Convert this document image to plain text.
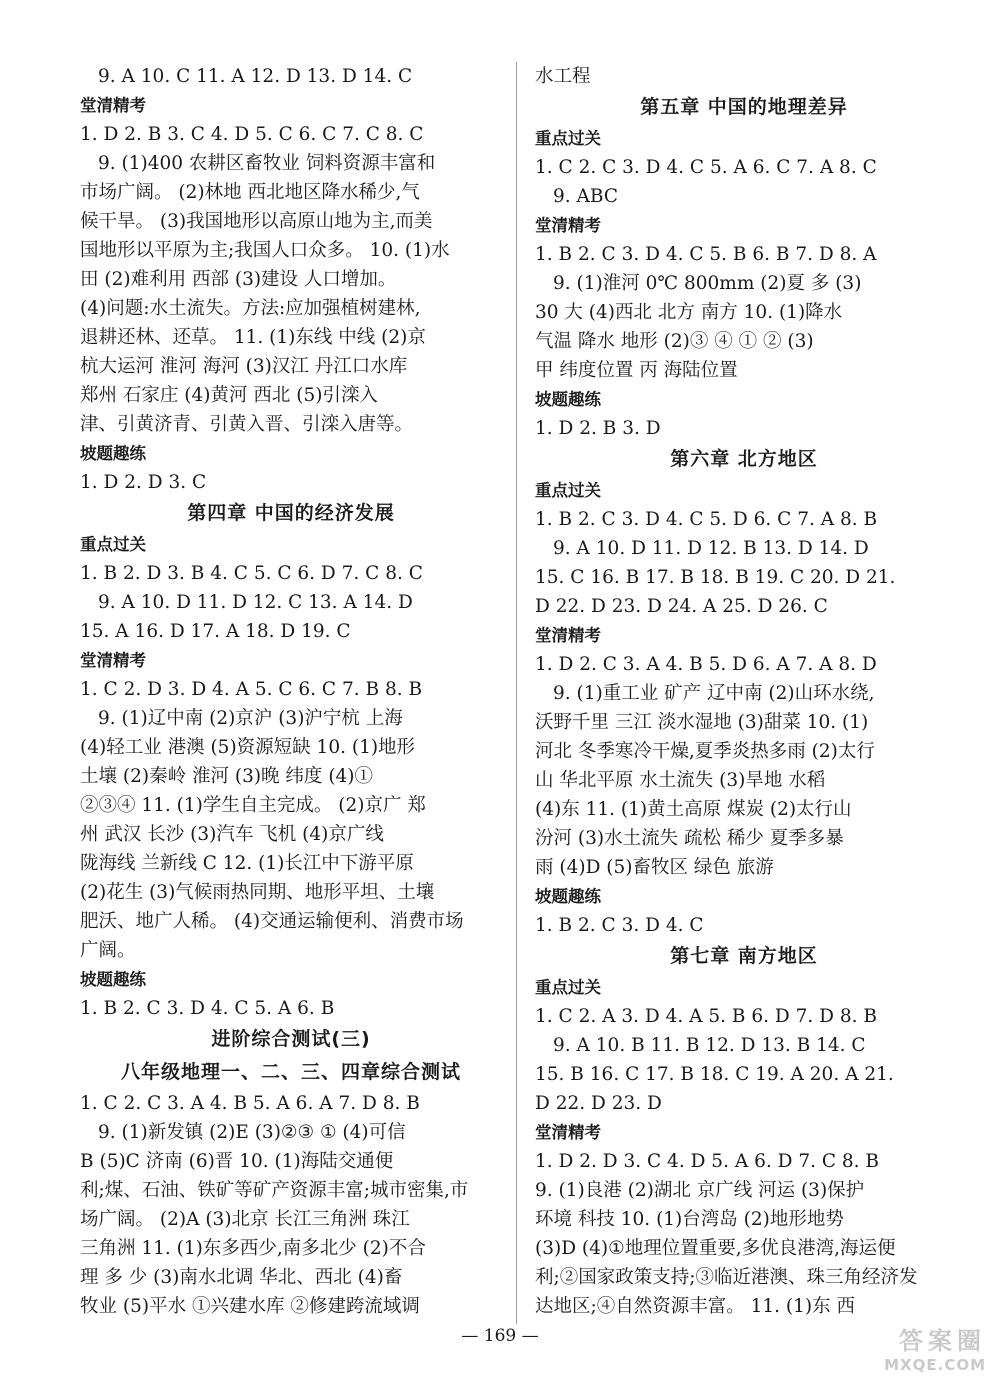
9. A 10. C 11. A 12. D 13. D 14. C
堂清精考
1. D 2. B 3. C 4. D 5. C 6. C 7. C 8. C
9. (1)400 农耕区畜牧业 饲料资源丰富和
市场广阔。 (2)林地 西北地区降水稀少,气
候干旱。 (3)我国地形以高原山地为主,而美
国地形以平原为主;我国人口众多。 10. (1)水
田 (2)难利用 西部 (3)建设 人口增加。
(4)问题:水土流失。方法:应加强植树建林,
退耕还林、还草。 11. (1)东线 中线 (2)京
杭大运河 淮河 海河 (3)汉江 丹江口水库
郑州 石家庄 (4)黄河 西北 (5)引滦入
津、引黄济青、引黄入晋、引滦入唐等。
坡题趣练
1. D 2. D 3. C
第四章 中国的经济发展
重点过关
1. B 2. D 3. B 4. C 5. C 6. D 7. C 8. C
9. A 10. D 11. D 12. C 13. A 14. D
15. A 16. D 17. A 18. D 19. C
堂清精考
1. C 2. D 3. D 4. A 5. C 6. C 7. B 8. B
9. (1)辽中南 (2)京沪 (3)沪宁杭 上海
(4)轻工业 港澳 (5)资源短缺 10. (1)地形
土壤 (2)秦岭 淮河 (3)晚 纬度 (4)①
②③④ 11. (1)学生自主完成。 (2)京广 郑
州 武汉 长沙 (3)汽车 飞机 (4)京广线
陇海线 兰新线 C 12. (1)长江中下游平原
(2)花生 (3)气候雨热同期、地形平坦、土壤
肥沃、地广人稀。 (4)交通运输便利、消费市场
广阔。
坡题趣练
1. B 2. C 3. D 4. C 5. A 6. B
进阶综合测试(三)
八年级地理一、二、三、四章综合测试
1. C 2. C 3. A 4. B 5. A 6. A 7. D 8. B
9. (1)新发镇 (2)E (3)②③ ① (4)可信
B (5)C 济南 (6)晋 10. (1)海陆交通便
利;煤、石油、铁矿等矿产资源丰富;城市密集,市
场广阔。 (2)A (3)北京 长江三角洲 珠江
三角洲 11. (1)东多西少,南多北少 (2)不合
理 多 少 (3)南水北调 华北、西北 (4)畜
牧业 (5)平水 ①兴建水库 ②修建跨流域调
水工程
第五章 中国的地理差异
重点过关
1. C 2. C 3. D 4. C 5. A 6. C 7. A 8. C
9. ABC
堂清精考
1. B 2. C 3. D 4. C 5. B 6. B 7. D 8. A
9. (1)淮河 0℃ 800mm (2)夏 多 (3)
30 大 (4)西北 北方 南方 10. (1)降水
气温 降水 地形 (2)③ ④ ① ② (3)
甲 纬度位置 丙 海陆位置
坡题趣练
1. D 2. B 3. D
第六章 北方地区
重点过关
1. B 2. C 3. D 4. C 5. D 6. C 7. A 8. B
9. A 10. D 11. D 12. B 13. D 14. D
15. C 16. B 17. B 18. B 19. C 20. D 21.
D 22. D 23. D 24. A 25. D 26. C
堂清精考
1. D 2. C 3. A 4. B 5. D 6. A 7. A 8. D
9. (1)重工业 矿产 辽中南 (2)山环水绕,
沃野千里 三江 淡水湿地 (3)甜菜 10. (1)
河北 冬季寒冷干燥,夏季炎热多雨 (2)太行
山 华北平原 水土流失 (3)旱地 水稻
(4)东 11. (1)黄土高原 煤炭 (2)太行山
汾河 (3)水土流失 疏松 稀少 夏季多暴
雨 (4)D (5)畜牧区 绿色 旅游
坡题趣练
1. B 2. C 3. D 4. C
第七章 南方地区
重点过关
1. C 2. A 3. D 4. A 5. B 6. D 7. D 8. B
9. A 10. B 11. B 12. D 13. B 14. C
15. B 16. C 17. B 18. C 19. A 20. A 21.
D 22. D 23. D
堂清精考
1. D 2. D 3. C 4. D 5. A 6. D 7. C 8. B
9. (1)良港 (2)湖北 京广线 河运 (3)保护
环境 科技 10. (1)台湾岛 (2)地形地势
(3)D (4)①地理位置重要,多优良港湾,海运便
利;②国家政策支持;③临近港澳、珠三角经济发
达地区;④自然资源丰富。 11. (1)东 西
— 169 —	答案圈
MXQE.COM
